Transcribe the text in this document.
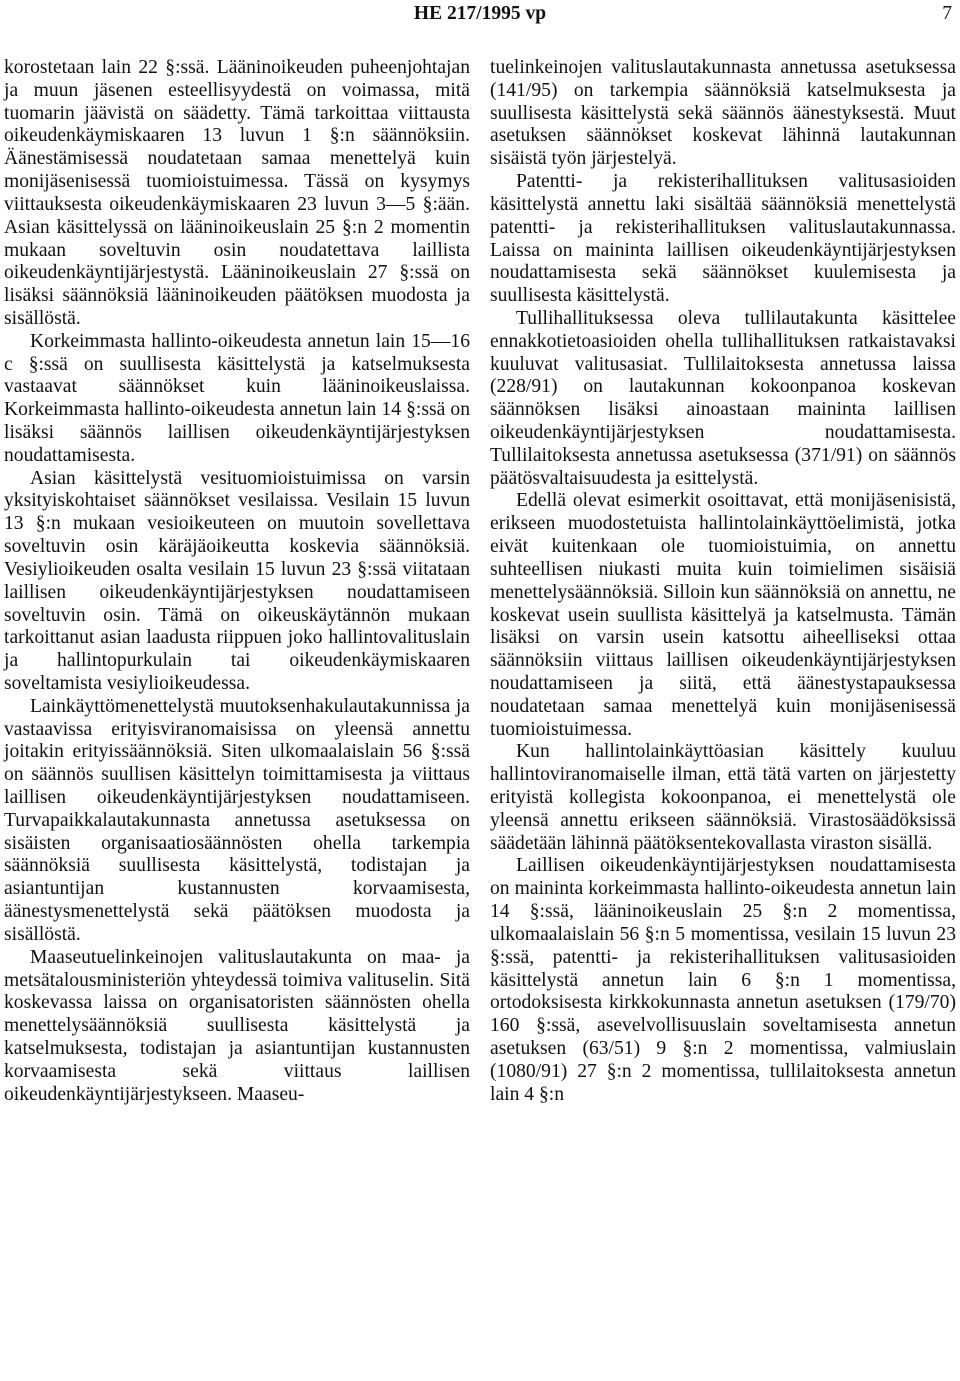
HE 217/1995 vp	7

korostetaan lain 22 §:ssä. Lääninoikeuden puheenjohtajan ja muun jäsenen esteellisyydestä on voimassa, mitä tuomarin jäävistä on säädetty. Tämä tarkoittaa viittausta oikeudenkäymiskaaren 13 luvun 1 §:n säännöksiin. Äänestämisessä noudatetaan samaa menettelyä kuin monijäsenisessä tuomioistuimessa. Tässä on kysymys viittauksesta oikeudenkäymiskaaren 23 luvun 3—5 §:ään. Asian käsittelyssä on lääninoikeuslain 25 §:n 2 momentin mukaan soveltuvin osin noudatettava laillista oikeudenkäyntijärjestystä. Lääninoikeuslain 27 §:ssä on lisäksi säännöksiä lääninoikeuden päätöksen muodosta ja sisällöstä.

Korkeimmasta hallinto-oikeudesta annetun lain 15—16 c §:ssä on suullisesta käsittelystä ja katselmuksesta vastaavat säännökset kuin lääninoikeuslaissa. Korkeimmasta hallinto-oikeudesta annetun lain 14 §:ssä on lisäksi säännös laillisen oikeudenkäyntijärjestyksen noudattamisesta.

Asian käsittelystä vesituomioistuimissa on varsin yksityiskohtaiset säännökset vesilaissa. Vesilain 15 luvun 13 §:n mukaan vesioikeuteen on muutoin sovellettava soveltuvin osin käräjäoikeutta koskevia säännöksiä. Vesiylioikeuden osalta vesilain 15 luvun 23 §:ssä viitataan laillisen oikeudenkäyntijärjestyksen noudattamiseen soveltuvin osin. Tämä on oikeuskäytännön mukaan tarkoittanut asian laadusta riippuen joko hallintovalituslain ja hallintopurkulain tai oikeudenkäymiskaaren soveltamista vesiylioikeudessa.

Lainkäyttömenettelystä muutoksenhakulautakunnissa ja vastaavissa erityisviranomaisissa on yleensä annettu joitakin erityissäännöksiä. Siten ulkomaalaislain 56 §:ssä on säännös suullisen käsittelyn toimittamisesta ja viittaus laillisen oikeudenkäyntijärjestyksen noudattamiseen. Turvapaikkalautakunnasta annetussa asetuksessa on sisäisten organisaatiosäännösten ohella tarkempia säännöksiä suullisesta käsittelystä, todistajan ja asiantuntijan kustannusten korvaamisesta, äänestysmenettelystä sekä päätöksen muodosta ja sisällöstä.

Maaseutuelinkeinojen valituslautakunta on maa- ja metsätalousministeriön yhteydessä toimiva valituselin. Sitä koskevassa laissa on organisatoristen säännösten ohella menettelysäännöksiä suullisesta käsittelystä ja katselmuksesta, todistajan ja asiantuntijan kustannusten korvaamisesta sekä viittaus laillisen oikeudenkäyntijärjestykseen. Maaseu-

tuelinkeinojen valituslautakunnasta annetussa asetuksessa (141/95) on tarkempia säännöksiä katselmuksesta ja suullisesta käsittelystä sekä säännös äänestyksestä. Muut asetuksen säännökset koskevat lähinnä lautakunnan sisäistä työn järjestelyä.

Patentti- ja rekisterihallituksen valitusasioiden käsittelystä annettu laki sisältää säännöksiä menettelystä patentti- ja rekisterihallituksen valituslautakunnassa. Laissa on maininta laillisen oikeudenkäyntijärjestyksen noudattamisesta sekä säännökset kuulemisesta ja suullisesta käsittelystä.

Tullihallituksessa oleva tullilautakunta käsittelee ennakkotietoasioiden ohella tullihallituksen ratkaistavaksi kuuluvat valitusasiat. Tullilaitoksesta annetussa laissa (228/91) on lautakunnan kokoonpanoa koskevan säännöksen lisäksi ainoastaan maininta laillisen oikeudenkäyntijärjestyksen noudattamisesta. Tullilaitoksesta annetussa asetuksessa (371/91) on säännös päätösvaltaisuudesta ja esittelystä.

Edellä olevat esimerkit osoittavat, että monijäsenisistä, erikseen muodostetuista hallintolainkäyttöelimistä, jotka eivät kuitenkaan ole tuomioistuimia, on annettu suhteellisen niukasti muita kuin toimielimen sisäisiä menettelysäännöksiä. Silloin kun säännöksiä on annettu, ne koskevat usein suullista käsittelyä ja katselmusta. Tämän lisäksi on varsin usein katsottu aiheelliseksi ottaa säännöksiin viittaus laillisen oikeudenkäyntijärjestyksen noudattamiseen ja siitä, että äänestystapauksessa noudatetaan samaa menettelyä kuin monijäsenisessä tuomioistuimessa.

Kun hallintolainkäyttöasian käsittely kuuluu hallintoviranomaiselle ilman, että tätä varten on järjestetty erityistä kollegista kokoonpanoa, ei menettelystä ole yleensä annettu erikseen säännöksiä. Virastosäädöksissä säädetään lähinnä päätöksentekovallasta viraston sisällä.

Laillisen oikeudenkäyntijärjestyksen noudattamisesta on maininta korkeimmasta hallinto-oikeudesta annetun lain 14 §:ssä, lääninoikeuslain 25 §:n 2 momentissa, ulkomaalaislain 56 §:n 5 momentissa, vesilain 15 luvun 23 §:ssä, patentti- ja rekisterihallituksen valitusasioiden käsittelystä annetun lain 6 §:n 1 momentissa, ortodoksisesta kirkkokunnasta annetun asetuksen (179/70) 160 §:ssä, asevelvollisuuslain soveltamisesta annetun asetuksen (63/51) 9 §:n 2 momentissa, valmiuslain (1080/91) 27 §:n 2 momentissa, tullilaitoksesta annetun lain 4 §:n
